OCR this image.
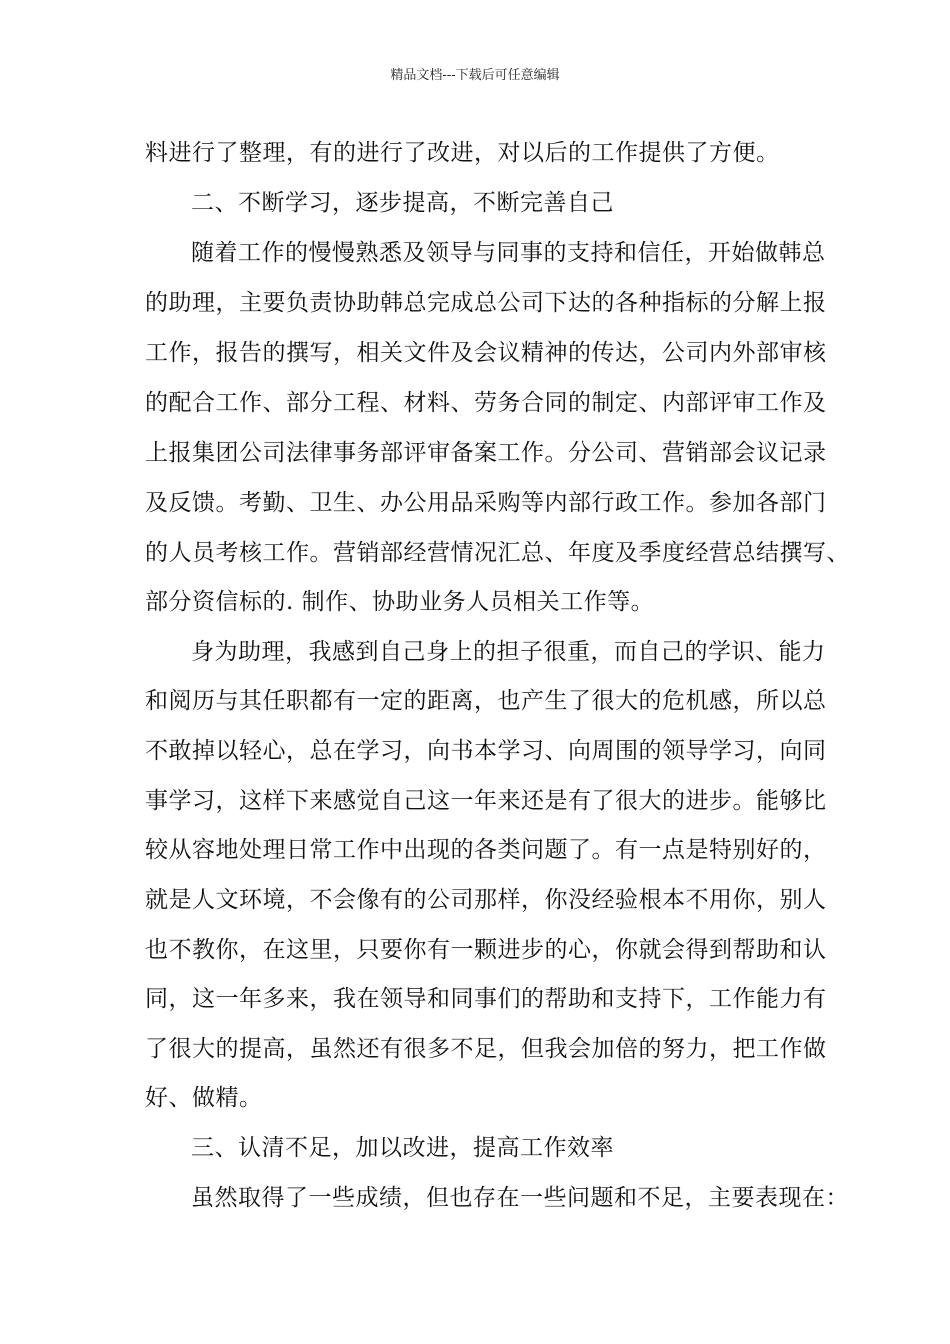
精品文档---下载后可任意编辑
料进行了整理，有的进行了改进，对以后的工作提供了方便。
二、不断学习，逐步提高，不断完善自己
随着工作的慢慢熟悉及领导与同事的支持和信任，开始做韩总
的助理，主要负责协助韩总完成总公司下达的各种指标的分解上报
工作，报告的撰写，相关文件及会议精神的传达，公司内外部审核
的配合工作、部分工程、材料、劳务合同的制定、内部评审工作及
上报集团公司法律事务部评审备案工作。分公司、营销部会议记录
及反馈。考勤、卫生、办公用品采购等内部行政工作。参加各部门
的人员考核工作。营销部经营情况汇总、年度及季度经营总结撰写、
部分资信标的. 制作、协助业务人员相关工作等。
身为助理，我感到自己身上的担子很重，而自己的学识、能力
和阅历与其任职都有一定的距离，也产生了很大的危机感，所以总
不敢掉以轻心，总在学习，向书本学习、向周围的领导学习，向同
事学习，这样下来感觉自己这一年来还是有了很大的进步。能够比
较从容地处理日常工作中出现的各类问题了。有一点是特别好的，
就是人文环境，不会像有的公司那样，你没经验根本不用你，别人
也不教你，在这里，只要你有一颗进步的心，你就会得到帮助和认
同，这一年多来，我在领导和同事们的帮助和支持下，工作能力有
了很大的提高，虽然还有很多不足，但我会加倍的努力，把工作做
好、做精。
三、认清不足，加以改进，提高工作效率
虽然取得了一些成绩，但也存在一些问题和不足，主要表现在：
